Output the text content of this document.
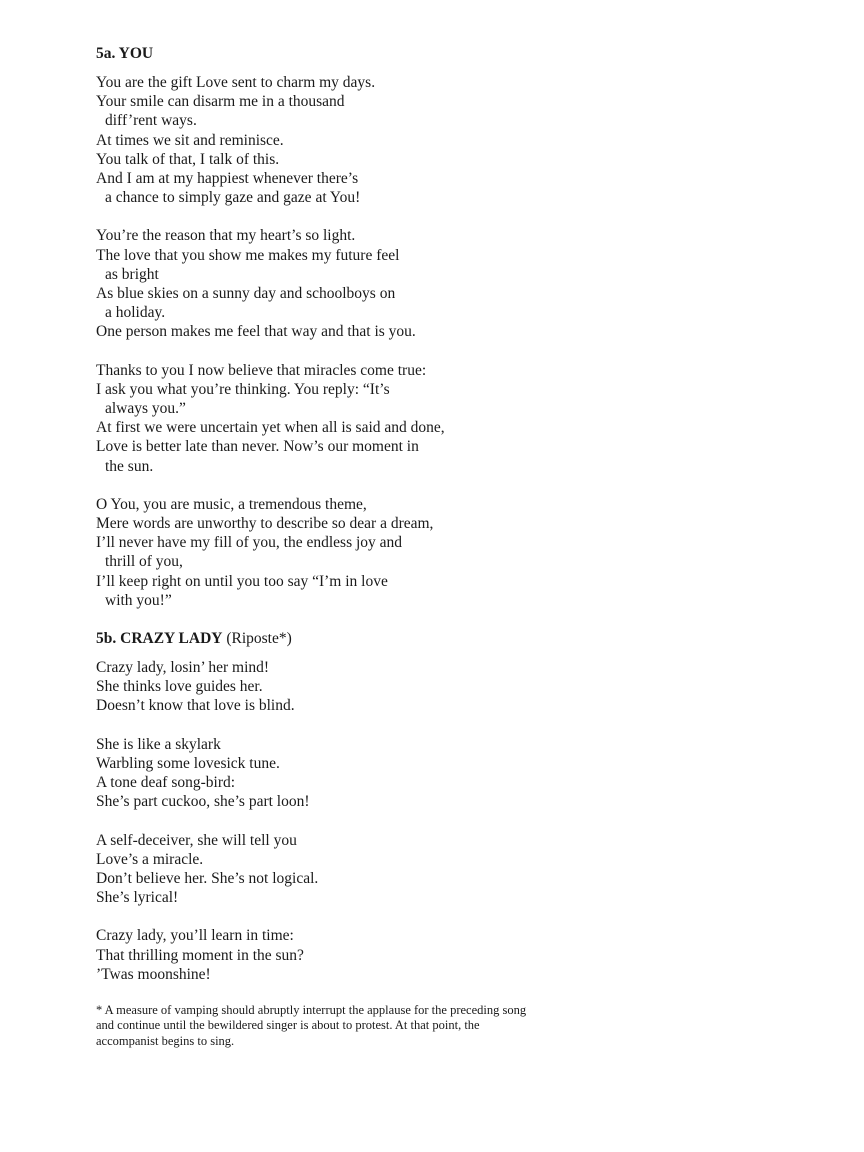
5a. YOU
You are the gift Love sent to charm my days.
Your smile can disarm me in a thousand
diff’rent ways.
At times we sit and reminisce.
You talk of that, I talk of this.
And I am at my happiest whenever there’s
a chance to simply gaze and gaze at You!
You’re the reason that my heart’s so light.
The love that you show me makes my future feel
as bright
As blue skies on a sunny day and schoolboys on
a holiday.
One person makes me feel that way and that is you.
Thanks to you I now believe that miracles come true:
I ask you what you’re thinking. You reply: “It’s
always you.”
At first we were uncertain yet when all is said and done,
Love is better late than never. Now’s our moment in
the sun.
O You, you are music, a tremendous theme,
Mere words are unworthy to describe so dear a dream,
I’ll never have my fill of you, the endless joy and
thrill of you,
I’ll keep right on until you too say “I’m in love
with you!”
5b. CRAZY LADY (Riposte*)
Crazy lady, losin’ her mind!
She thinks love guides her.
Doesn’t know that love is blind.
She is like a skylark
Warbling some lovesick tune.
A tone deaf song-bird:
She’s part cuckoo, she’s part loon!
A self-deceiver, she will tell you
Love’s a miracle.
Don’t believe her. She’s not logical.
She’s lyrical!
Crazy lady, you’ll learn in time:
That thrilling moment in the sun?
’Twas moonshine!
* A measure of vamping should abruptly interrupt the applause for the preceding song and continue until the bewildered singer is about to protest. At that point, the accompanist begins to sing.
